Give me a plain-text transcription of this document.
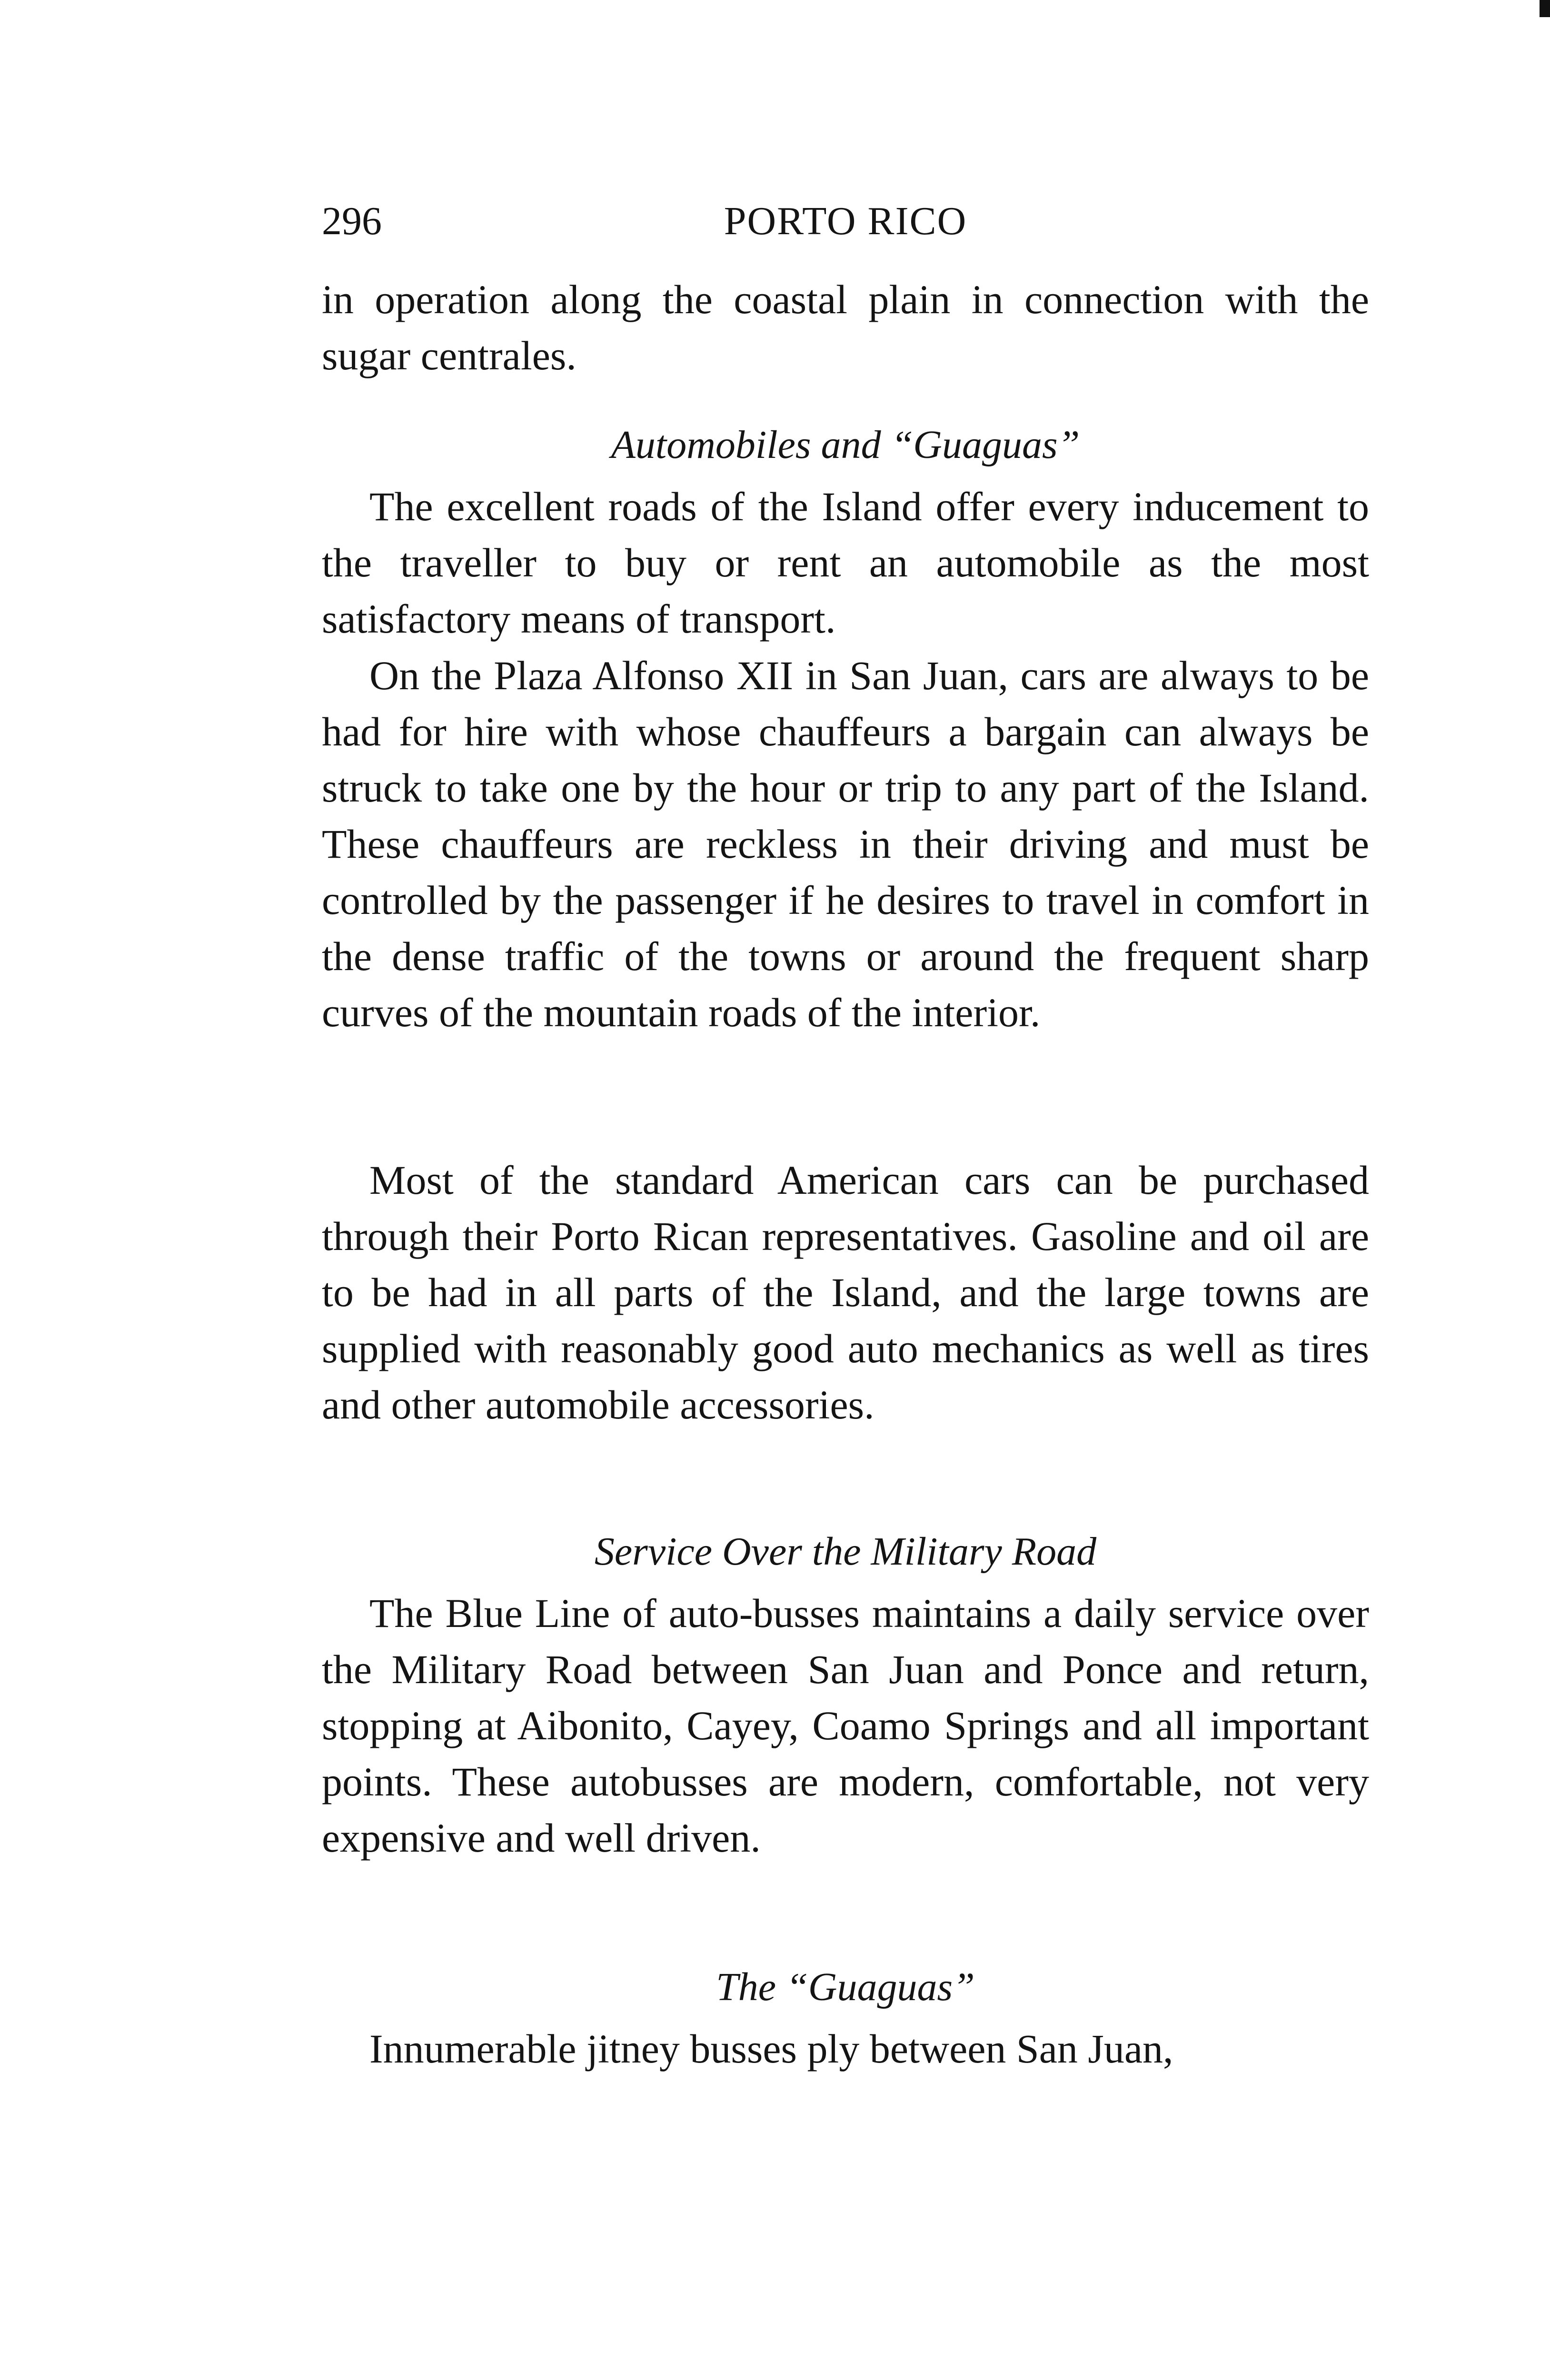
296	PORTO RICO
in operation along the coastal plain in connection with the sugar centrales.
Automobiles and “Guaguas”
The excellent roads of the Island offer every inducement to the traveller to buy or rent an automobile as the most satisfactory means of transport.
On the Plaza Alfonso XII in San Juan, cars are always to be had for hire with whose chauffeurs a bargain can always be struck to take one by the hour or trip to any part of the Island. These chauffeurs are reckless in their driving and must be controlled by the passenger if he desires to travel in comfort in the dense traffic of the towns or around the frequent sharp curves of the mountain roads of the interior.
Most of the standard American cars can be purchased through their Porto Rican representatives. Gasoline and oil are to be had in all parts of the Island, and the large towns are supplied with reasonably good auto mechanics as well as tires and other automobile accessories.
Service Over the Military Road
The Blue Line of auto-busses maintains a daily service over the Military Road between San Juan and Ponce and return, stopping at Aibonito, Cayey, Coamo Springs and all important points. These autobusses are modern, comfortable, not very expensive and well driven.
The “Guaguas”
Innumerable jitney busses ply between San Juan,
